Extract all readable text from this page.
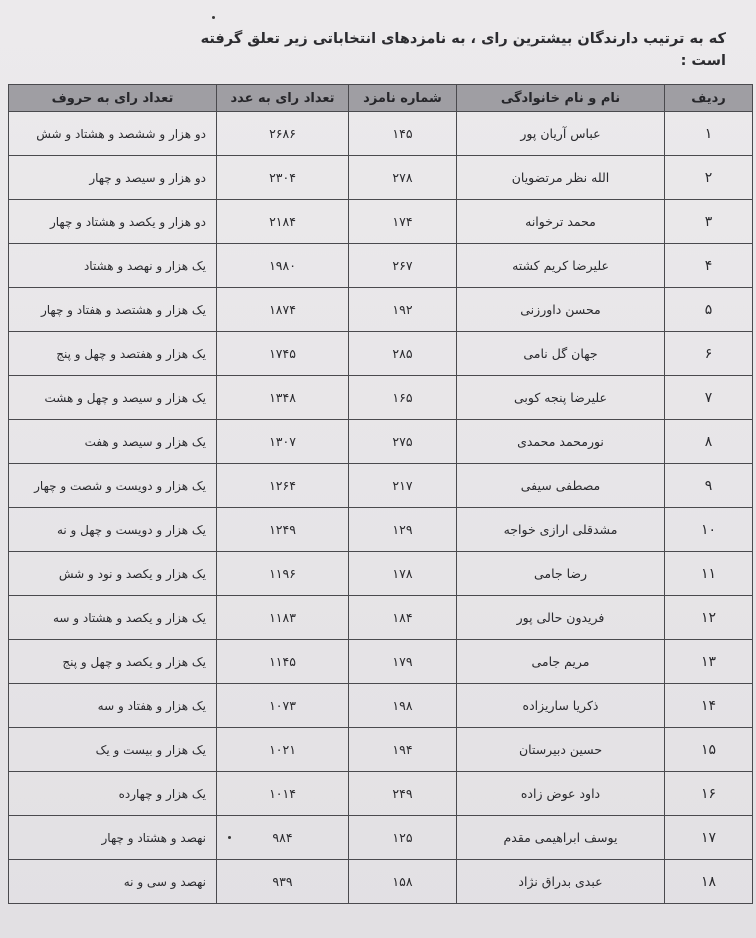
که به ترتیب دارندگان بیشترین رای ، به نامزدهای انتخاباتی زیر تعلق گرفته است :
ردیف	نام و نام خانوادگی	شماره نامزد	تعداد رای به عدد	تعداد رای به حروف
۱	عباس آریان پور	۱۴۵	۲۶۸۶	دو هزار و ششصد و هشتاد و شش
۲	الله نظر مرتضویان	۲۷۸	۲۳۰۴	دو هزار و سیصد و چهار
۳	محمد ترخوانه	۱۷۴	۲۱۸۴	دو هزار و یکصد و هشتاد و چهار
۴	علیرضا کریم کشته	۲۶۷	۱۹۸۰	یک هزار و نهصد و هشتاد
۵	محسن داورزنی	۱۹۲	۱۸۷۴	یک هزار و هشتصد و هفتاد و چهار
۶	جهان گل نامی	۲۸۵	۱۷۴۵	یک هزار و هفتصد و چهل و پنج
۷	علیرضا پنجه کوبی	۱۶۵	۱۳۴۸	یک هزار و سیصد و چهل و هشت
۸	نورمحمد محمدی	۲۷۵	۱۳۰۷	یک هزار و سیصد و هفت
۹	مصطفی سیفی	۲۱۷	۱۲۶۴	یک هزار و دویست و شصت و چهار
۱۰	مشدقلی ارازی خواجه	۱۲۹	۱۲۴۹	یک هزار و دویست و چهل و نه
۱۱	رضا جامی	۱۷۸	۱۱۹۶	یک هزار و یکصد و نود و شش
۱۲	فریدون حالی پور	۱۸۴	۱۱۸۳	یک هزار و یکصد و هشتاد و سه
۱۳	مریم جامی	۱۷۹	۱۱۴۵	یک هزار و یکصد و چهل و پنج
۱۴	ذکریا ساریزاده	۱۹۸	۱۰۷۳	یک هزار و هفتاد و سه
۱۵	حسین دبیرستان	۱۹۴	۱۰۲۱	یک هزار و بیست و یک
۱۶	داود عوض زاده	۲۴۹	۱۰۱۴	یک هزار و چهارده
۱۷	یوسف ابراهیمی مقدم	۱۲۵	۹۸۴	نهصد و هشتاد و چهار
۱۸	عبدی بدراق نژاد	۱۵۸	۹۳۹	نهصد و سی و نه
